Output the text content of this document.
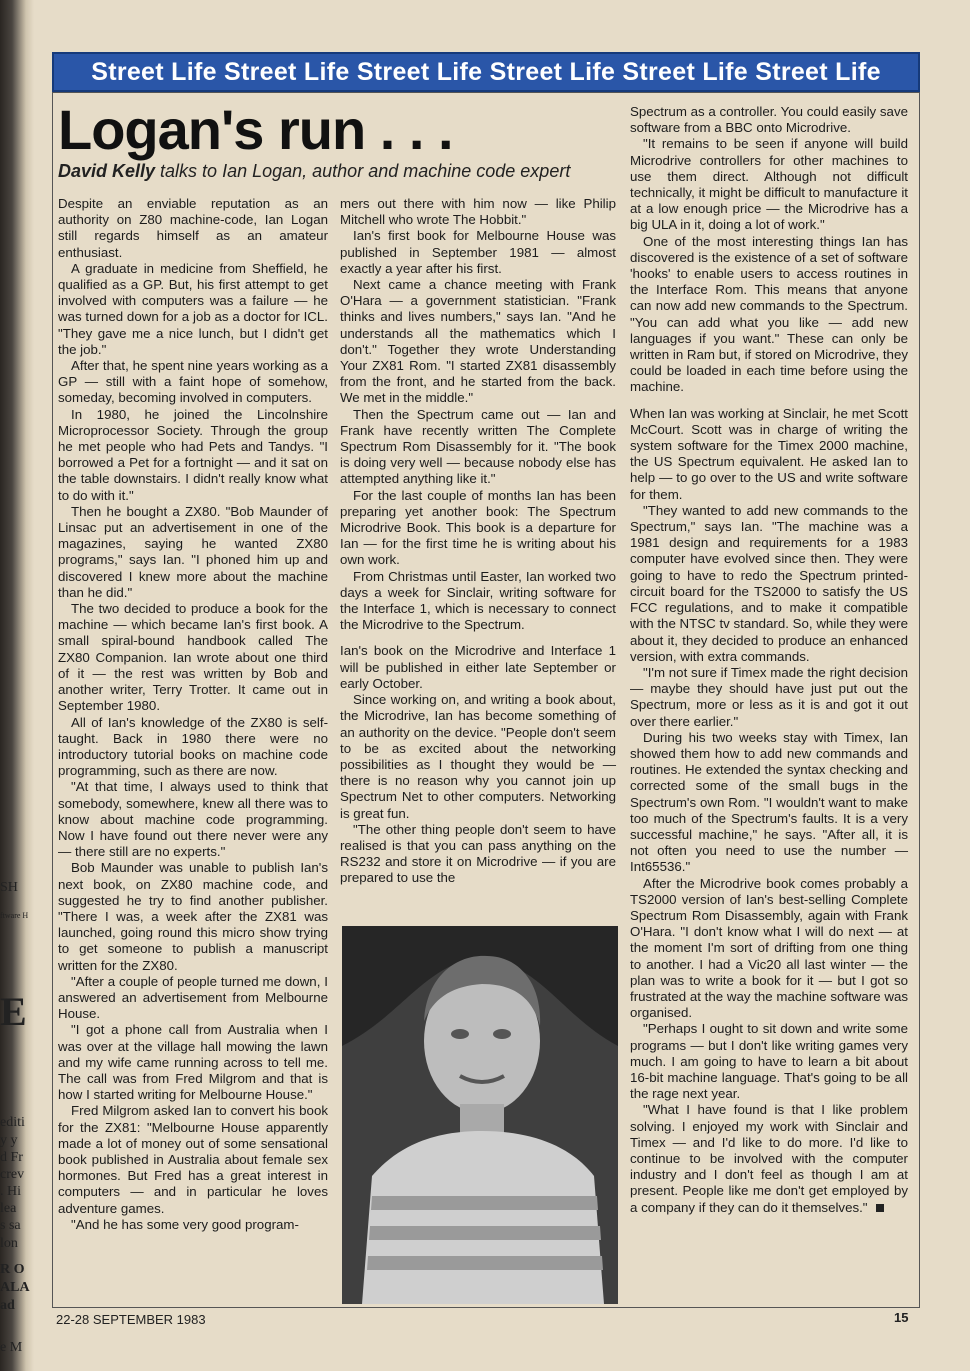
SH
ftware H
E
editi
y y
d Fr
crev
. Hi
lea
s sa
lon
R O
ALA
ad
e M
Street Life Street Life Street Life Street Life Street Life Street Life
Logan's run . . .
David Kelly talks to Ian Logan, author and machine code expert

Despite an enviable reputation as an authority on Z80 machine-code, Ian Logan still regards himself as an amateur enthusiast.

A graduate in medicine from Sheffield, he qualified as a GP. But, his first attempt to get involved with computers was a failure — he was turned down for a job as a doctor for ICL. "They gave me a nice lunch, but I didn't get the job."

After that, he spent nine years working as a GP — still with a faint hope of somehow, someday, becoming involved in computers.

In 1980, he joined the Lincolnshire Microprocessor Society. Through the group he met people who had Pets and Tandys. "I borrowed a Pet for a fortnight — and it sat on the table downstairs. I didn't really know what to do with it."

Then he bought a ZX80. "Bob Maunder of Linsac put an advertisement in one of the magazines, saying he wanted ZX80 programs," says Ian. "I phoned him up and discovered I knew more about the machine than he did."

The two decided to produce a book for the machine — which became Ian's first book. A small spiral-bound handbook called The ZX80 Companion. Ian wrote about one third of it — the rest was written by Bob and another writer, Terry Trotter. It came out in September 1980.

All of Ian's knowledge of the ZX80 is self-taught. Back in 1980 there were no introductory tutorial books on machine code programming, such as there are now.

"At that time, I always used to think that somebody, somewhere, knew all there was to know about machine code programming. Now I have found out there never were any — there still are no experts."

Bob Maunder was unable to publish Ian's next book, on ZX80 machine code, and suggested he try to find another publisher. "There I was, a week after the ZX81 was launched, going round this micro show trying to get someone to publish a manuscript written for the ZX80.

"After a couple of people turned me down, I answered an advertisement from Melbourne House.

"I got a phone call from Australia when I was over at the village hall mowing the lawn and my wife came running across to tell me. The call was from Fred Milgrom and that is how I started writing for Melbourne House."

Fred Milgrom asked Ian to convert his book for the ZX81: "Melbourne House apparently made a lot of money out of some sensational book published in Australia about female sex hormones. But Fred has a great interest in computers — and in particular he loves adventure games.

"And he has some very good program-

mers out there with him now — like Philip Mitchell who wrote The Hobbit."

Ian's first book for Melbourne House was published in September 1981 — almost exactly a year after his first.

Next came a chance meeting with Frank O'Hara — a government statistician. "Frank thinks and lives numbers," says Ian. "And he understands all the mathematics which I don't." Together they wrote Understanding Your ZX81 Rom. "I started ZX81 disassembly from the front, and he started from the back. We met in the middle."

Then the Spectrum came out — Ian and Frank have recently written The Complete Spectrum Rom Disassembly for it. "The book is doing very well — because nobody else has attempted anything like it."

For the last couple of months Ian has been preparing yet another book: The Spectrum Microdrive Book. This book is a departure for Ian — for the first time he is writing about his own work.

From Christmas until Easter, Ian worked two days a week for Sinclair, writing software for the Interface 1, which is necessary to connect the Microdrive to the Spectrum.

Ian's book on the Microdrive and Interface 1 will be published in either late September or early October.

Since working on, and writing a book about, the Microdrive, Ian has become something of an authority on the device. "People don't seem to be as excited about the networking possibilities as I thought they would be — there is no reason why you cannot join up Spectrum Net to other computers. Networking is great fun.

"The other thing people don't seem to have realised is that you can pass anything on the RS232 and store it on Microdrive — if you are prepared to use the

Spectrum as a controller. You could easily save software from a BBC onto Microdrive.

"It remains to be seen if anyone will build Microdrive controllers for other machines to use them direct. Although not difficult technically, it might be difficult to manufacture it at a low enough price — the Microdrive has a big ULA in it, doing a lot of work."

One of the most interesting things Ian has discovered is the existence of a set of software 'hooks' to enable users to access routines in the Interface Rom. This means that anyone can now add new commands to the Spectrum. "You can add what you like — add new languages if you want." These can only be written in Ram but, if stored on Microdrive, they could be loaded in each time before using the machine.

When Ian was working at Sinclair, he met Scott McCourt. Scott was in charge of writing the system software for the Timex 2000 machine, the US Spectrum equivalent. He asked Ian to help — to go over to the US and write software for them.

"They wanted to add new commands to the Spectrum," says Ian. "The machine was a 1981 design and requirements for a 1983 computer have evolved since then. They were going to have to redo the Spectrum printed-circuit board for the TS2000 to satisfy the US FCC regulations, and to make it compatible with the NTSC tv standard. So, while they were about it, they decided to produce an enhanced version, with extra commands.

"I'm not sure if Timex made the right decision — maybe they should have just put out the Spectrum, more or less as it is and got it out over there earlier."

During his two weeks stay with Timex, Ian showed them how to add new commands and routines. He extended the syntax checking and corrected some of the small bugs in the Spectrum's own Rom. "I wouldn't want to make too much of the Spectrum's faults. It is a very successful machine," he says. "After all, it is not often you need to use the number — Int65536."

After the Microdrive book comes probably a TS2000 version of Ian's best-selling Complete Spectrum Rom Disassembly, again with Frank O'Hara. "I don't know what I will do next — at the moment I'm sort of drifting from one thing to another. I had a Vic20 all last winter — the plan was to write a book for it — but I got so frustrated at the way the machine software was organised.

"Perhaps I ought to sit down and write some programs — but I don't like writing games very much. I am going to have to learn a bit about 16-bit machine language. That's going to be all the rage next year.

"What I have found is that I like problem solving. I enjoyed my work with Sinclair and Timex — and I'd like to do more. I'd like to continue to be involved with the computer industry and I don't feel as though I am at present. People like me don't get employed by a company if they can do it themselves."

22-28 SEPTEMBER 1983	15
